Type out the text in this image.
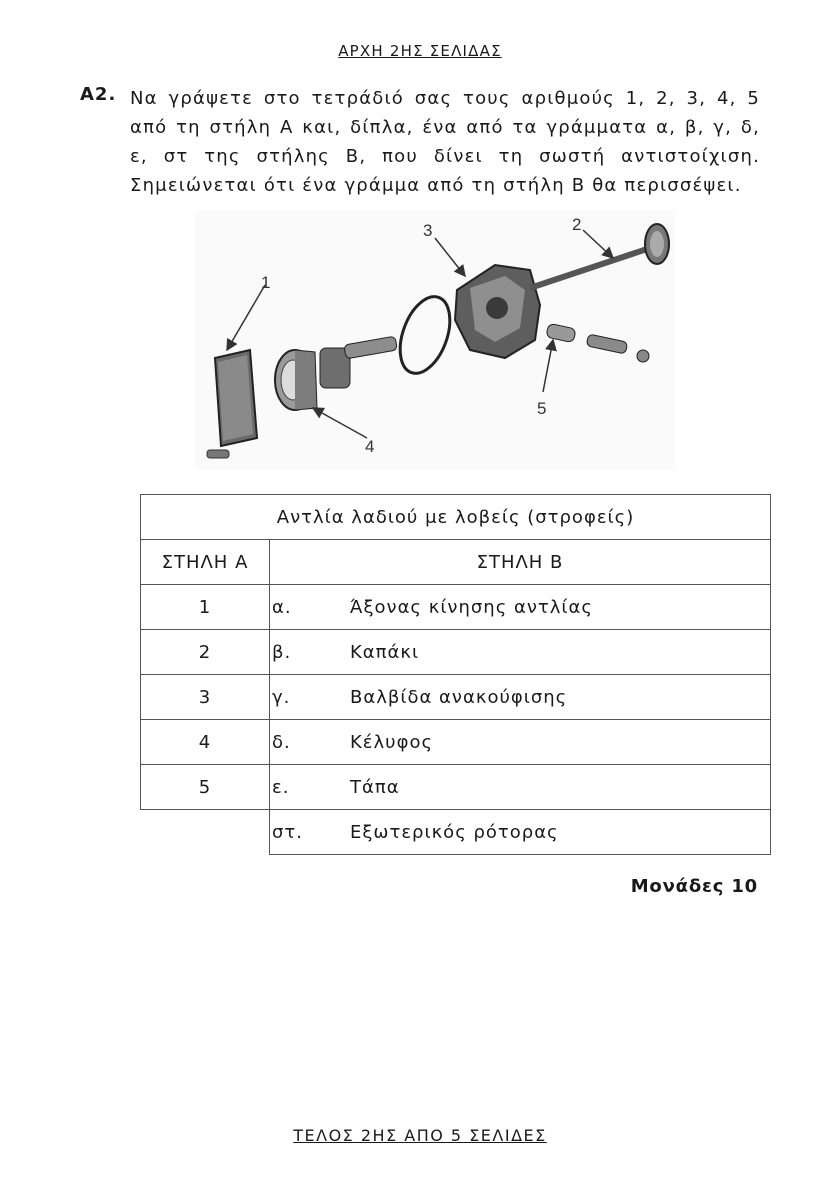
ΑΡΧΗ 2ΗΣ ΣΕΛΙΔΑΣ
Α2. Να γράψετε στο τετράδιό σας τους αριθμούς 1, 2, 3, 4, 5 από τη στήλη Α και, δίπλα, ένα από τα γράμματα α, β, γ, δ, ε, στ της στήλης Β, που δίνει τη σωστή αντιστοίχιση. Σημειώνεται ότι ένα γράμμα από τη στήλη Β θα περισσέψει.
1
2
3
4
5
Αντλία λαδιού με λοβείς (στροφείς)	
ΣΤΗΛΗ Α	ΣΤΗΛΗ Β
1	α. Άξονας κίνησης αντλίας
2	β. Καπάκι
3	γ. Βαλβίδα ανακούφισης
4	δ. Κέλυφος
5	ε. Τάπα
	στ. Εξωτερικός ρότορας
Μονάδες 10
ΤΕΛΟΣ 2ΗΣ ΑΠΟ 5 ΣΕΛΙΔΕΣ
